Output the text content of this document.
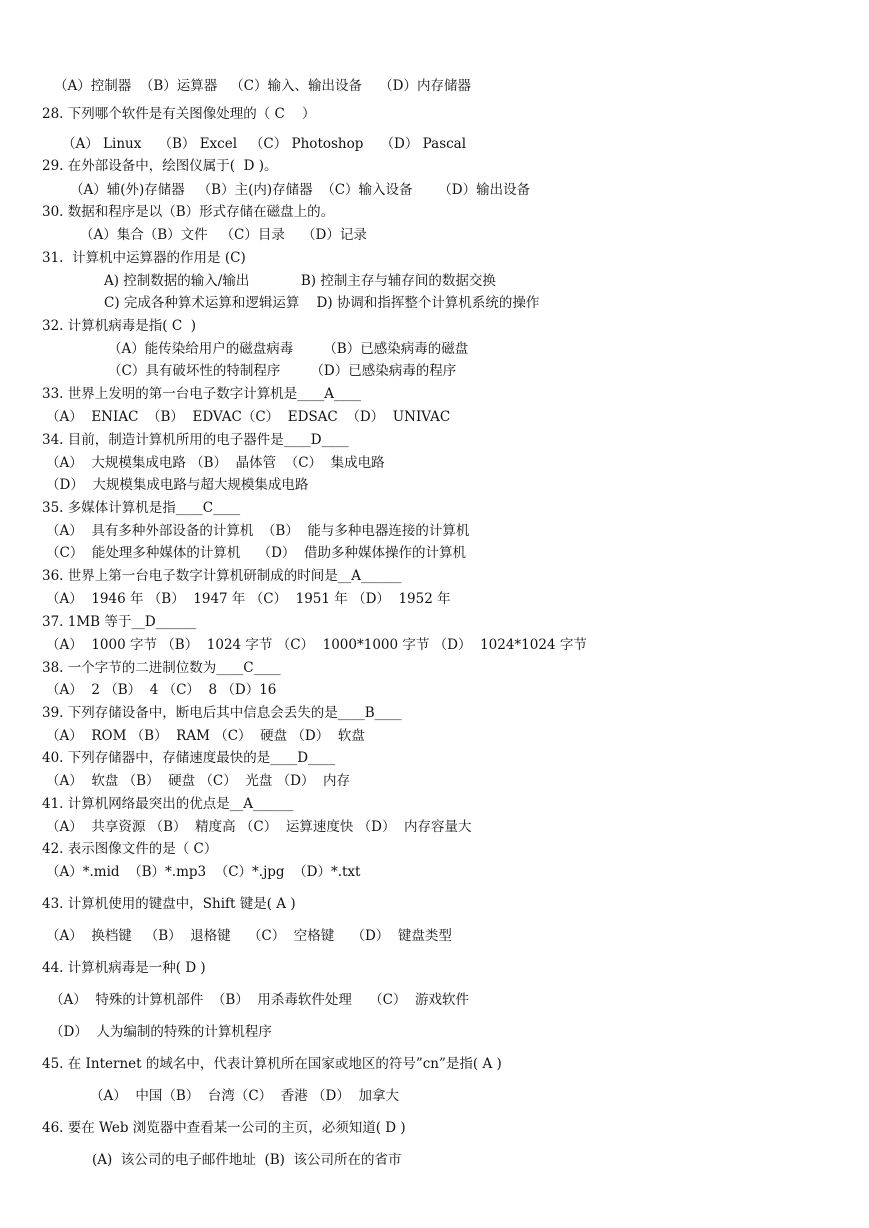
（A）控制器  （B）运算器   （C）输入、输出设备    （D）内存储器
28. 下列哪个软件是有关图像处理的（ C    ）
（A） Linux    （B） Excel   （C） Photoshop    （D） Pascal
29. 在外部设备中，绘图仪属于(  D )。
（A）辅(外)存储器   （B）主(内)存储器  （C）输入设备      （D）输出设备
30. 数据和程序是以（B）形式存储在磁盘上的。
（A）集合（B）文件   （C）目录    （D）记录
31.  计算机中运算器的作用是 (C)
A) 控制数据的输入/输出            B) 控制主存与辅存间的数据交换
C) 完成各种算术运算和逻辑运算    D) 协调和指挥整个计算机系统的操作
32. 计算机病毒是指( C  )
（A）能传染给用户的磁盘病毒       （B）已感染病毒的磁盘
（C）具有破坏性的特制程序       （D）已感染病毒的程序
33. 世界上发明的第一台电子数字计算机是____A____
（A）  ENIAC  （B）  EDVAC（C）  EDSAC  （D）  UNIVAC
34. 目前，制造计算机所用的电子器件是____D____
（A）  大规模集成电路 （B）  晶体管  （C）  集成电路
（D）  大规模集成电路与超大规模集成电路
35. 多媒体计算机是指____C____
（A）  具有多种外部设备的计算机  （B）  能与多种电器连接的计算机
（C）  能处理多种媒体的计算机    （D）  借助多种媒体操作的计算机
36. 世界上第一台电子数字计算机研制成的时间是__A______
（A）  1946 年 （B）  1947 年 （C）  1951 年 （D）  1952 年
37. 1MB 等于__D______
（A）  1000 字节 （B）  1024 字节 （C）  1000*1000 字节 （D）  1024*1024 字节
38. 一个字节的二进制位数为____C____
（A）  2 （B）  4 （C）  8 （D）16
39. 下列存储设备中，断电后其中信息会丢失的是____B____
（A）  ROM （B）  RAM （C）  硬盘 （D）  软盘
40. 下列存储器中，存储速度最快的是____D____
（A）  软盘 （B）  硬盘 （C）  光盘 （D）  内存
41. 计算机网络最突出的优点是__A______
（A）  共享资源 （B）  精度高 （C）  运算速度快 （D）  内存容量大
42. 表示图像文件的是（ C）
（A）*.mid  （B）*.mp3  （C）*.jpg  （D）*.txt
43. 计算机使用的键盘中，Shift 键是( A )
（A）  换档键   （B）  退格键    （C）  空格键    （D）  键盘类型
44. 计算机病毒是一种( D )
（A）  特殊的计算机部件  （B）  用杀毒软件处理    （C）  游戏软件
（D）  人为编制的特殊的计算机程序
45. 在 Internet 的域名中，代表计算机所在国家或地区的符号”cn”是指( A )
（A）  中国（B）  台湾（C）  香港 （D）  加拿大
46. 要在 Web 浏览器中查看某一公司的主页，必须知道( D )
(A)  该公司的电子邮件地址  (B)  该公司所在的省市
